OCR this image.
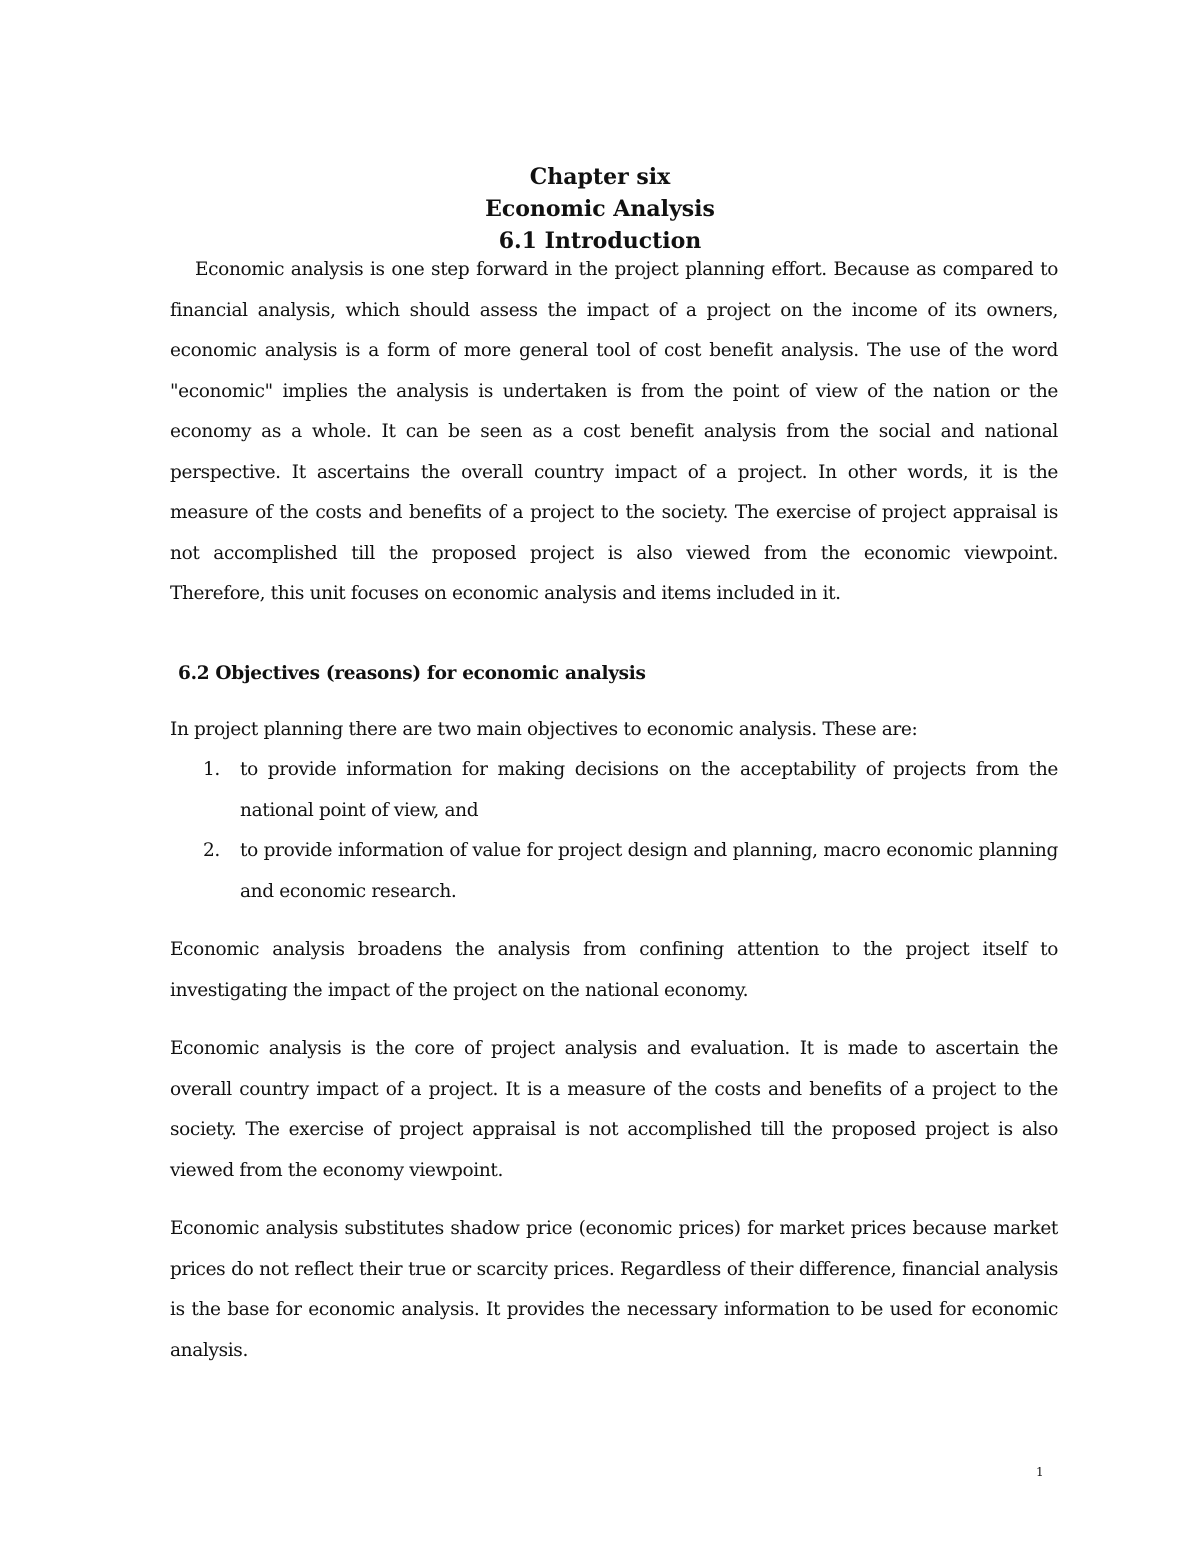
Chapter six
Economic Analysis
6.1 Introduction

Economic analysis is one step forward in the project planning effort. Because as compared to financial analysis, which should assess the impact of a project on the income of its owners, economic analysis is a form of more general tool of cost benefit analysis. The use of the word "economic" implies the analysis is undertaken is from the point of view of the nation or the economy as a whole. It can be seen as a cost benefit analysis from the social and national perspective. It ascertains the overall country impact of a project. In other words, it is the measure of the costs and benefits of a project to the society. The exercise of project appraisal is not accomplished till the proposed project is also viewed from the economic viewpoint. Therefore, this unit focuses on economic analysis and items included in it.

6.2 Objectives (reasons) for economic analysis

In project planning there are two main objectives to economic analysis. These are:

1. to provide information for making decisions on the acceptability of projects from the national point of view, and
2. to provide information of value for project design and planning, macro economic planning and economic research.

Economic analysis broadens the analysis from confining attention to the project itself to investigating the impact of the project on the national economy.

Economic analysis is the core of project analysis and evaluation. It is made to ascertain the overall country impact of a project. It is a measure of the costs and benefits of a project to the society. The exercise of project appraisal is not accomplished till the proposed project is also viewed from the economy viewpoint.

Economic analysis substitutes shadow price (economic prices) for market prices because market prices do not reflect their true or scarcity prices. Regardless of their difference, financial analysis is the base for economic analysis. It provides the necessary information to be used for economic analysis.

1
